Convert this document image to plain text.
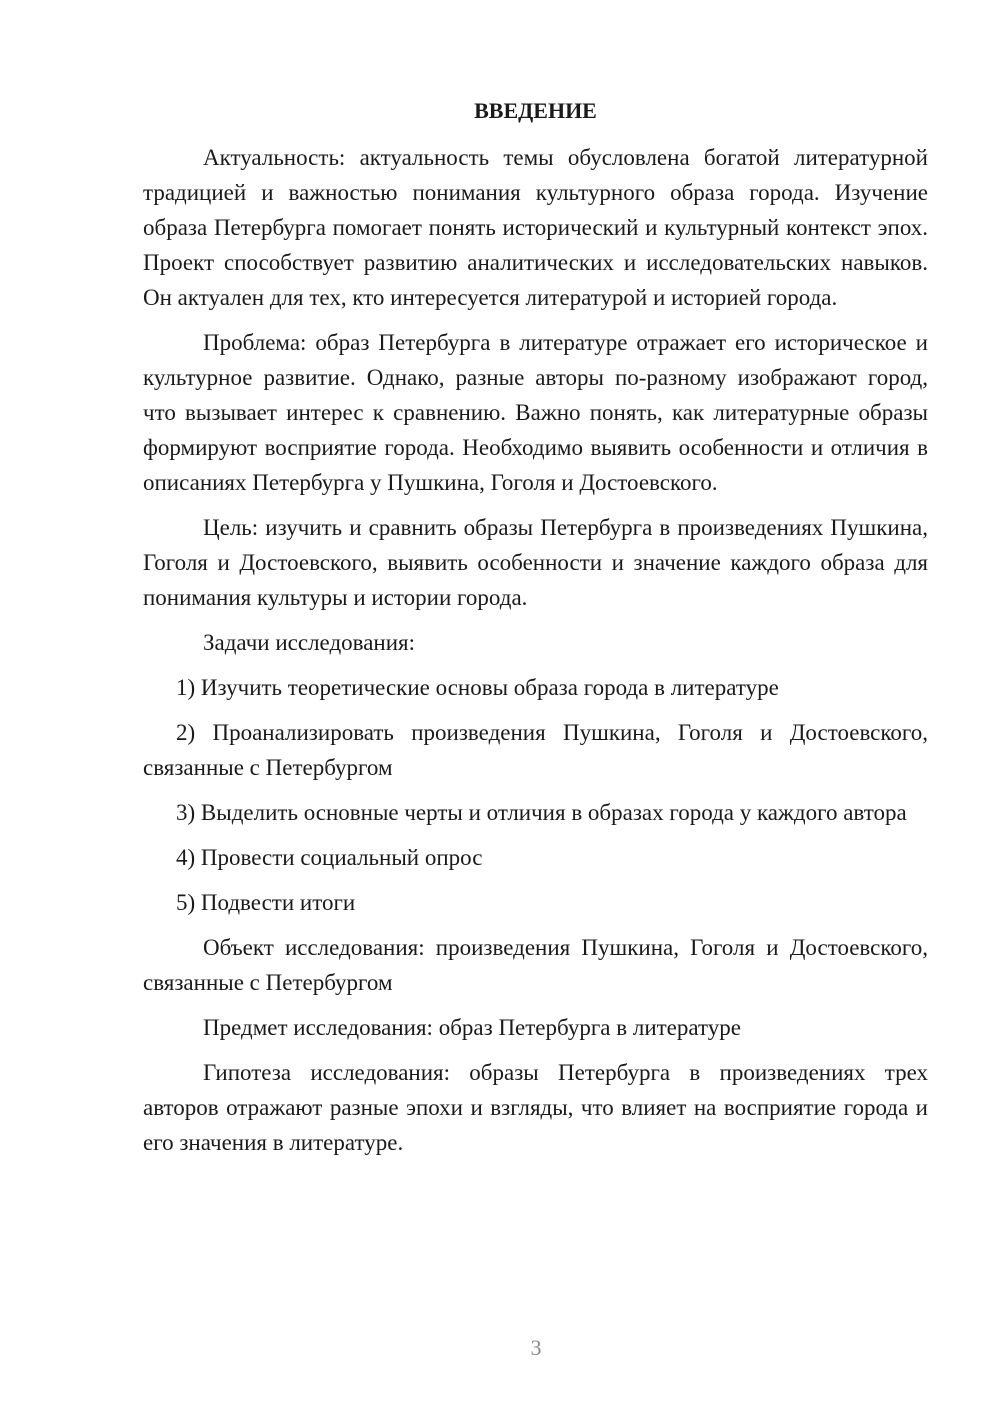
ВВЕДЕНИЕ

Актуальность: актуальность темы обусловлена богатой литературной традицией и важностью понимания культурного образа города. Изучение образа Петербурга помогает понять исторический и культурный контекст эпох. Проект способствует развитию аналитических и исследовательских навыков. Он актуален для тех, кто интересуется литературой и историей города.

Проблема: образ Петербурга в литературе отражает его историческое и культурное развитие. Однако, разные авторы по-разному изображают город, что вызывает интерес к сравнению. Важно понять, как литературные образы формируют восприятие города. Необходимо выявить особенности и отличия в описаниях Петербурга у Пушкина, Гоголя и Достоевского.

Цель: изучить и сравнить образы Петербурга в произведениях Пушкина, Гоголя и Достоевского, выявить особенности и значение каждого образа для понимания культуры и истории города.

Задачи исследования:

1) Изучить теоретические основы образа города в литературе

2) Проанализировать произведения Пушкина, Гоголя и Достоевского, связанные с Петербургом

3) Выделить основные черты и отличия в образах города у каждого автора

4) Провести социальный опрос

5) Подвести итоги

Объект исследования: произведения Пушкина, Гоголя и Достоевского, связанные с Петербургом

Предмет исследования: образ Петербурга в литературе

Гипотеза исследования: образы Петербурга в произведениях трех авторов отражают разные эпохи и взгляды, что влияет на восприятие города и его значения в литературе.

3
